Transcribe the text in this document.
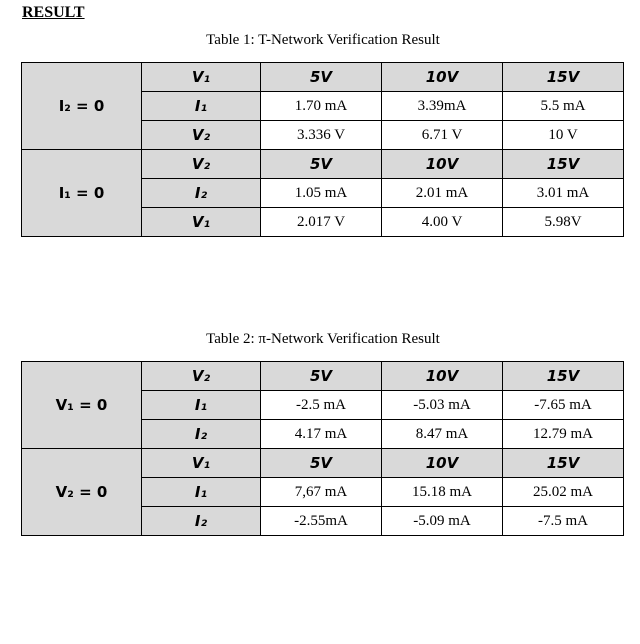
RESULT
Table 1: T-Network Verification Result
I₂ = 0	V₁	5V	10V	15V
	I₁	1.70 mA	3.39mA	5.5 mA
	V₂	3.336 V	6.71 V	10 V
I₁ = 0	V₂	5V	10V	15V
	I₂	1.05 mA	2.01 mA	3.01 mA
	V₁	2.017 V	4.00 V	5.98V
Table 2: π-Network Verification Result
V₁ = 0	V₂	5V	10V	15V
	I₁	-2.5 mA	-5.03 mA	-7.65 mA
	I₂	4.17 mA	8.47 mA	12.79 mA
V₂ = 0	V₁	5V	10V	15V
	I₁	7,67 mA	15.18 mA	25.02 mA
	I₂	-2.55mA	-5.09 mA	-7.5 mA
